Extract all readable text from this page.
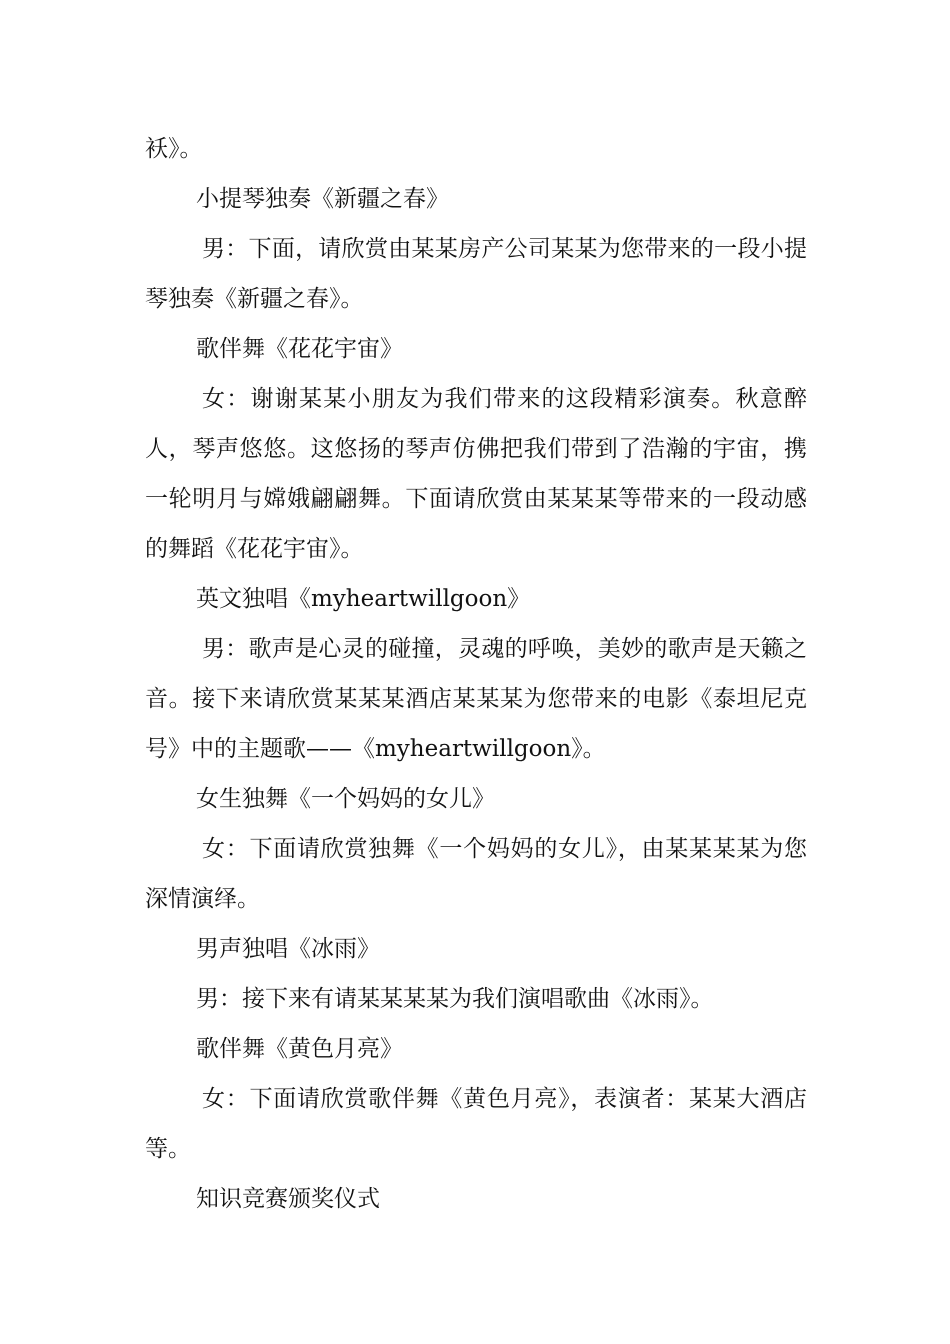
袄》。

小提琴独奏《新疆之春》

男：下面，请欣赏由某某房产公司某某为您带来的一段小提琴独奏《新疆之春》。

歌伴舞《花花宇宙》

女：谢谢某某小朋友为我们带来的这段精彩演奏。秋意醉人，琴声悠悠。这悠扬的琴声仿佛把我们带到了浩瀚的宇宙，携一轮明月与嫦娥翩翩舞。下面请欣赏由某某某等带来的一段动感的舞蹈《花花宇宙》。

英文独唱《myheartwillgoon》

男：歌声是心灵的碰撞，灵魂的呼唤，美妙的歌声是天籁之音。接下来请欣赏某某某酒店某某某为您带来的电影《泰坦尼克号》中的主题歌——《myheartwillgoon》。

女生独舞《一个妈妈的女儿》

女：下面请欣赏独舞《一个妈妈的女儿》，由某某某某为您深情演绎。

男声独唱《冰雨》

男：接下来有请某某某某为我们演唱歌曲《冰雨》。

歌伴舞《黄色月亮》

女：下面请欣赏歌伴舞《黄色月亮》，表演者：某某大酒店等。

知识竞赛颁奖仪式
